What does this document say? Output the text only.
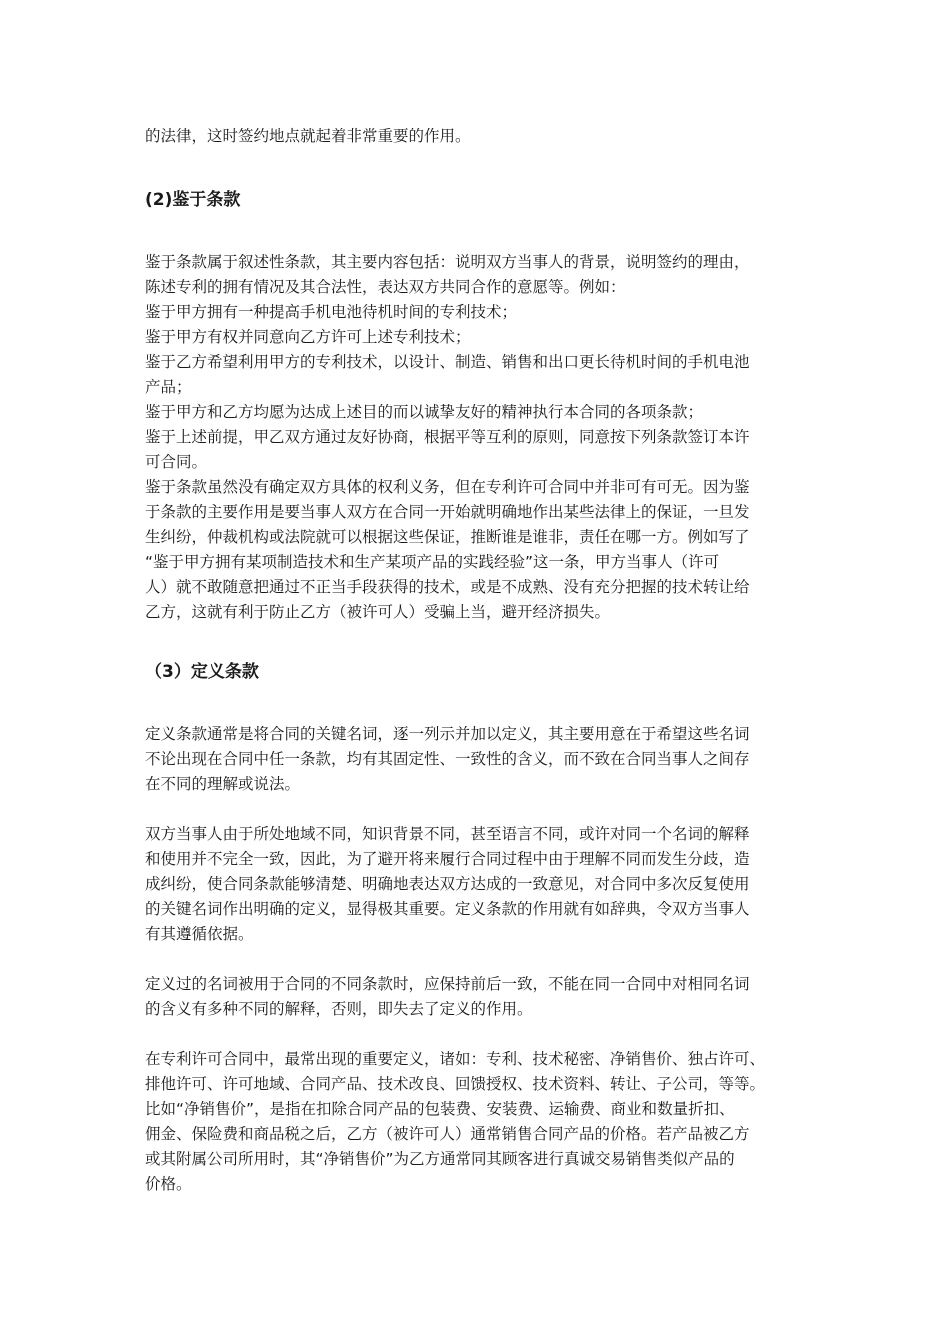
的法律，这时签约地点就起着非常重要的作用。
(2)鉴于条款
鉴于条款属于叙述性条款，其主要内容包括：说明双方当事人的背景，说明签约的理由，
陈述专利的拥有情况及其合法性，表达双方共同合作的意愿等。例如：
鉴于甲方拥有一种提高手机电池待机时间的专利技术；
鉴于甲方有权并同意向乙方许可上述专利技术；
鉴于乙方希望利用甲方的专利技术，以设计、制造、销售和出口更长待机时间的手机电池
产品；
鉴于甲方和乙方均愿为达成上述目的而以诚挚友好的精神执行本合同的各项条款；
鉴于上述前提，甲乙双方通过友好协商，根据平等互利的原则，同意按下列条款签订本许
可合同。
鉴于条款虽然没有确定双方具体的权利义务，但在专利许可合同中并非可有可无。因为鉴
于条款的主要作用是要当事人双方在合同一开始就明确地作出某些法律上的保证，一旦发
生纠纷，仲裁机构或法院就可以根据这些保证，推断谁是谁非，责任在哪一方。例如写了
“鉴于甲方拥有某项制造技术和生产某项产品的实践经验”这一条，甲方当事人（许可
人）就不敢随意把通过不正当手段获得的技术，或是不成熟、没有充分把握的技术转让给
乙方，这就有利于防止乙方（被许可人）受骗上当，避开经济损失。
（3）定义条款
定义条款通常是将合同的关键名词，逐一列示并加以定义，其主要用意在于希望这些名词
不论出现在合同中任一条款，均有其固定性、一致性的含义，而不致在合同当事人之间存
在不同的理解或说法。
双方当事人由于所处地域不同，知识背景不同，甚至语言不同，或许对同一个名词的解释
和使用并不完全一致，因此，为了避开将来履行合同过程中由于理解不同而发生分歧，造
成纠纷，使合同条款能够清楚、明确地表达双方达成的一致意见，对合同中多次反复使用
的关键名词作出明确的定义，显得极其重要。定义条款的作用就有如辞典，令双方当事人
有其遵循依据。
定义过的名词被用于合同的不同条款时，应保持前后一致，不能在同一合同中对相同名词
的含义有多种不同的解释，否则，即失去了定义的作用。
在专利许可合同中，最常出现的重要定义，诸如：专利、技术秘密、净销售价、独占许可、
排他许可、许可地域、合同产品、技术改良、回馈授权、技术资料、转让、子公司，等等。
比如“净销售价”，是指在扣除合同产品的包装费、安装费、运输费、商业和数量折扣、
佣金、保险费和商品税之后，乙方（被许可人）通常销售合同产品的价格。若产品被乙方
或其附属公司所用时，其“净销售价”为乙方通常同其顾客进行真诚交易销售类似产品的
价格。
